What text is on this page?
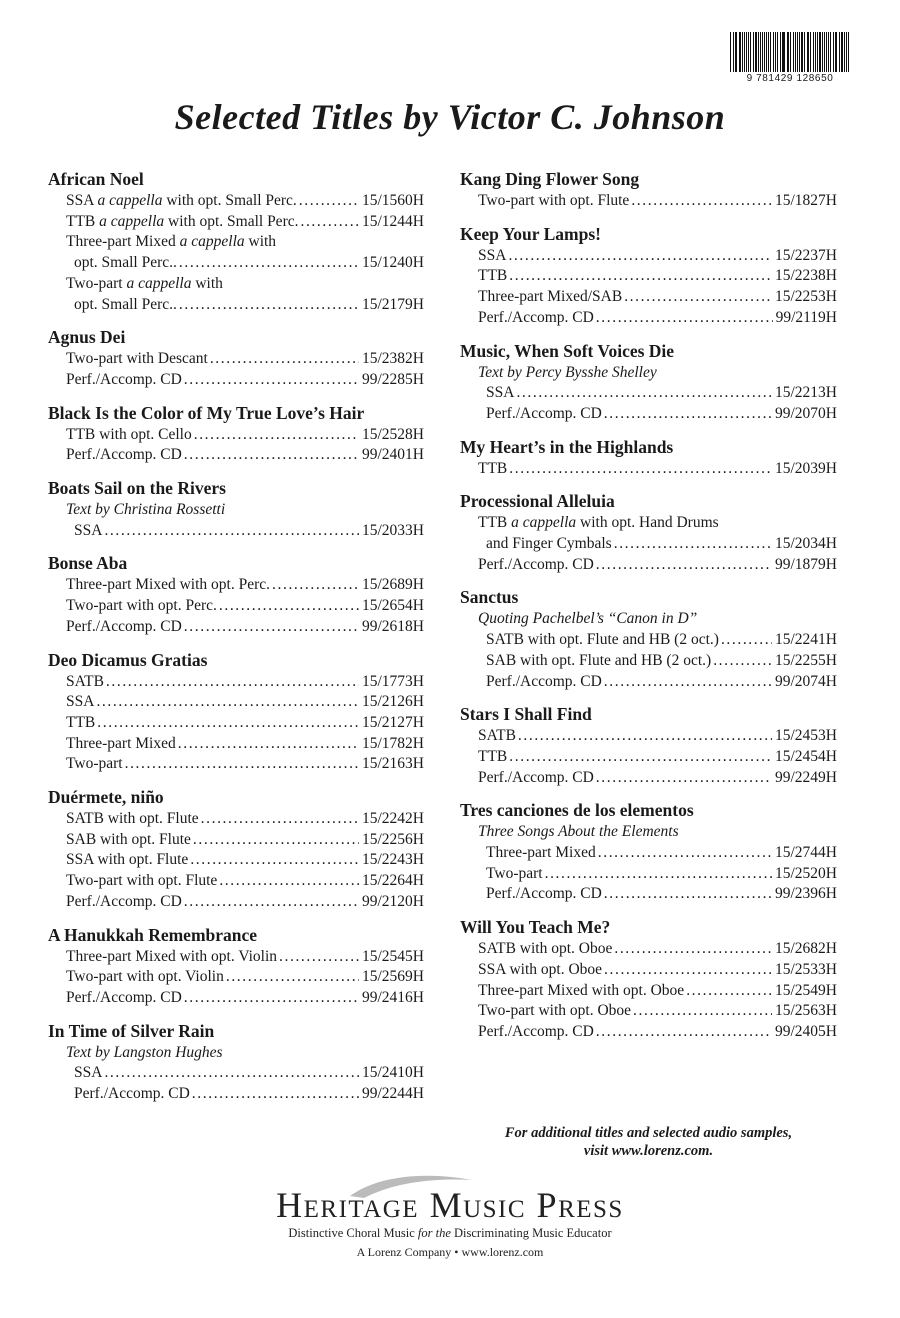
9 781429 128650
Selected Titles by Victor C. Johnson
African Noel
SSA a cappella with opt. Small Perc. .....	15/1560H
TTB a cappella with opt. Small Perc. .....	15/1244H
Three-part Mixed a cappella with
opt. Small Perc.. .....	15/1240H
Two-part a cappella with
opt. Small Perc.. .....	15/2179H
Agnus Dei
Two-part with Descant .....	15/2382H
Perf./Accomp. CD .....	99/2285H
Black Is the Color of My True Love’s Hair
TTB with opt. Cello .....	15/2528H
Perf./Accomp. CD .....	99/2401H
Boats Sail on the Rivers
Text by Christina Rossetti
SSA .....	15/2033H
Bonse Aba
Three-part Mixed with opt. Perc. .....	15/2689H
Two-part with opt. Perc. .....	15/2654H
Perf./Accomp. CD .....	99/2618H
Deo Dicamus Gratias
SATB .....	15/1773H
SSA .....	15/2126H
TTB .....	15/2127H
Three-part Mixed .....	15/1782H
Two-part .....	15/2163H
Duérmete, niño
SATB with opt. Flute .....	15/2242H
SAB with opt. Flute .....	15/2256H
SSA with opt. Flute .....	15/2243H
Two-part with opt. Flute .....	15/2264H
Perf./Accomp. CD .....	99/2120H
A Hanukkah Remembrance
Three-part Mixed with opt. Violin .....	15/2545H
Two-part with opt. Violin .....	15/2569H
Perf./Accomp. CD .....	99/2416H
In Time of Silver Rain
Text by Langston Hughes
SSA .....	15/2410H
Perf./Accomp. CD .....	99/2244H
Kang Ding Flower Song
Two-part with opt. Flute .....	15/1827H
Keep Your Lamps!
SSA .....	15/2237H
TTB .....	15/2238H
Three-part Mixed/SAB .....	15/2253H
Perf./Accomp. CD .....	99/2119H
Music, When Soft Voices Die
Text by Percy Bysshe Shelley
SSA .....	15/2213H
Perf./Accomp. CD .....	99/2070H
My Heart’s in the Highlands
TTB .....	15/2039H
Processional Alleluia
TTB a cappella with opt. Hand Drums
and Finger Cymbals .....	15/2034H
Perf./Accomp. CD .....	99/1879H
Sanctus
Quoting Pachelbel’s “Canon in D”
SATB with opt. Flute and HB (2 oct.) .....	15/2241H
SAB with opt. Flute and HB (2 oct.) .....	15/2255H
Perf./Accomp. CD .....	99/2074H
Stars I Shall Find
SATB .....	15/2453H
TTB .....	15/2454H
Perf./Accomp. CD .....	99/2249H
Tres canciones de los elementos
Three Songs About the Elements
Three-part Mixed .....	15/2744H
Two-part .....	15/2520H
Perf./Accomp. CD .....	99/2396H
Will You Teach Me?
SATB with opt. Oboe .....	15/2682H
SSA with opt. Oboe .....	15/2533H
Three-part Mixed with opt. Oboe .....	15/2549H
Two-part with opt. Oboe .....	15/2563H
Perf./Accomp. CD .....	99/2405H
For additional titles and selected audio samples,
visit www.lorenz.com.
Heritage Music Press
Distinctive Choral Music for the Discriminating Music Educator
A Lorenz Company • www.lorenz.com
